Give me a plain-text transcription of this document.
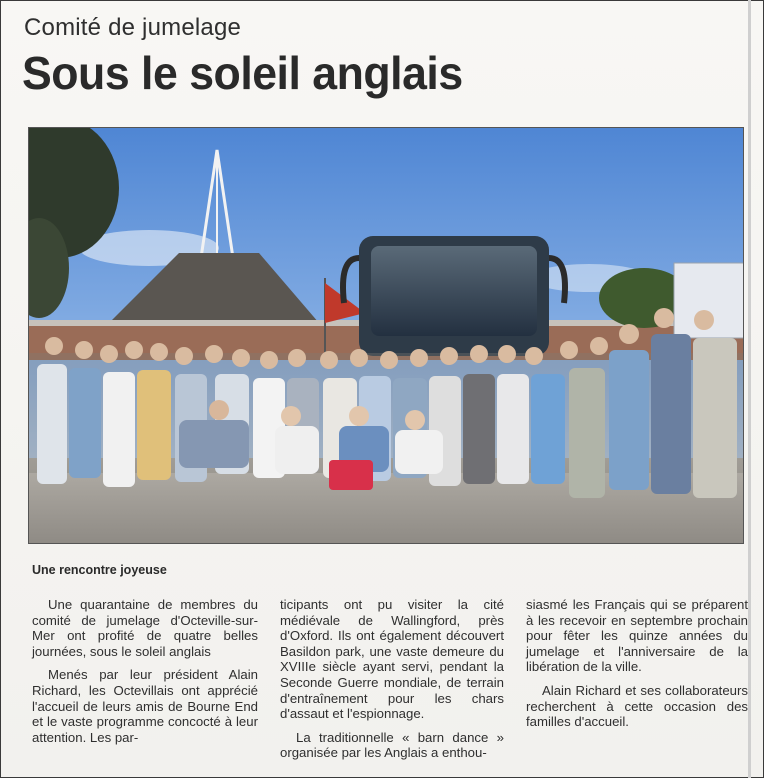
Comité de jumelage
Sous le soleil anglais
Une rencontre joyeuse

Une quarantaine de membres du comité de jumelage d'Octeville-sur-Mer ont profité de quatre belles journées, sous le soleil anglais

Menés par leur président Alain Richard, les Octevillais ont apprécié l'accueil de leurs amis de Bourne End et le vaste programme concocté à leur attention. Les par-

ticipants ont pu visiter la cité médiévale de Wallingford, près d'Oxford. Ils ont également découvert Basildon park, une vaste demeure du XVIIIe siècle ayant servi, pendant la Seconde Guerre mondiale, de terrain d'entraînement pour les chars d'assaut et l'espionnage.

La traditionnelle « barn dance » organisée par les Anglais a enthou-

siasmé les Français qui se préparent à les recevoir en septembre prochain pour fêter les quinze années du jumelage et l'anniversaire de la libération de la ville.

Alain Richard et ses collaborateurs recherchent à cette occasion des familles d'accueil.
